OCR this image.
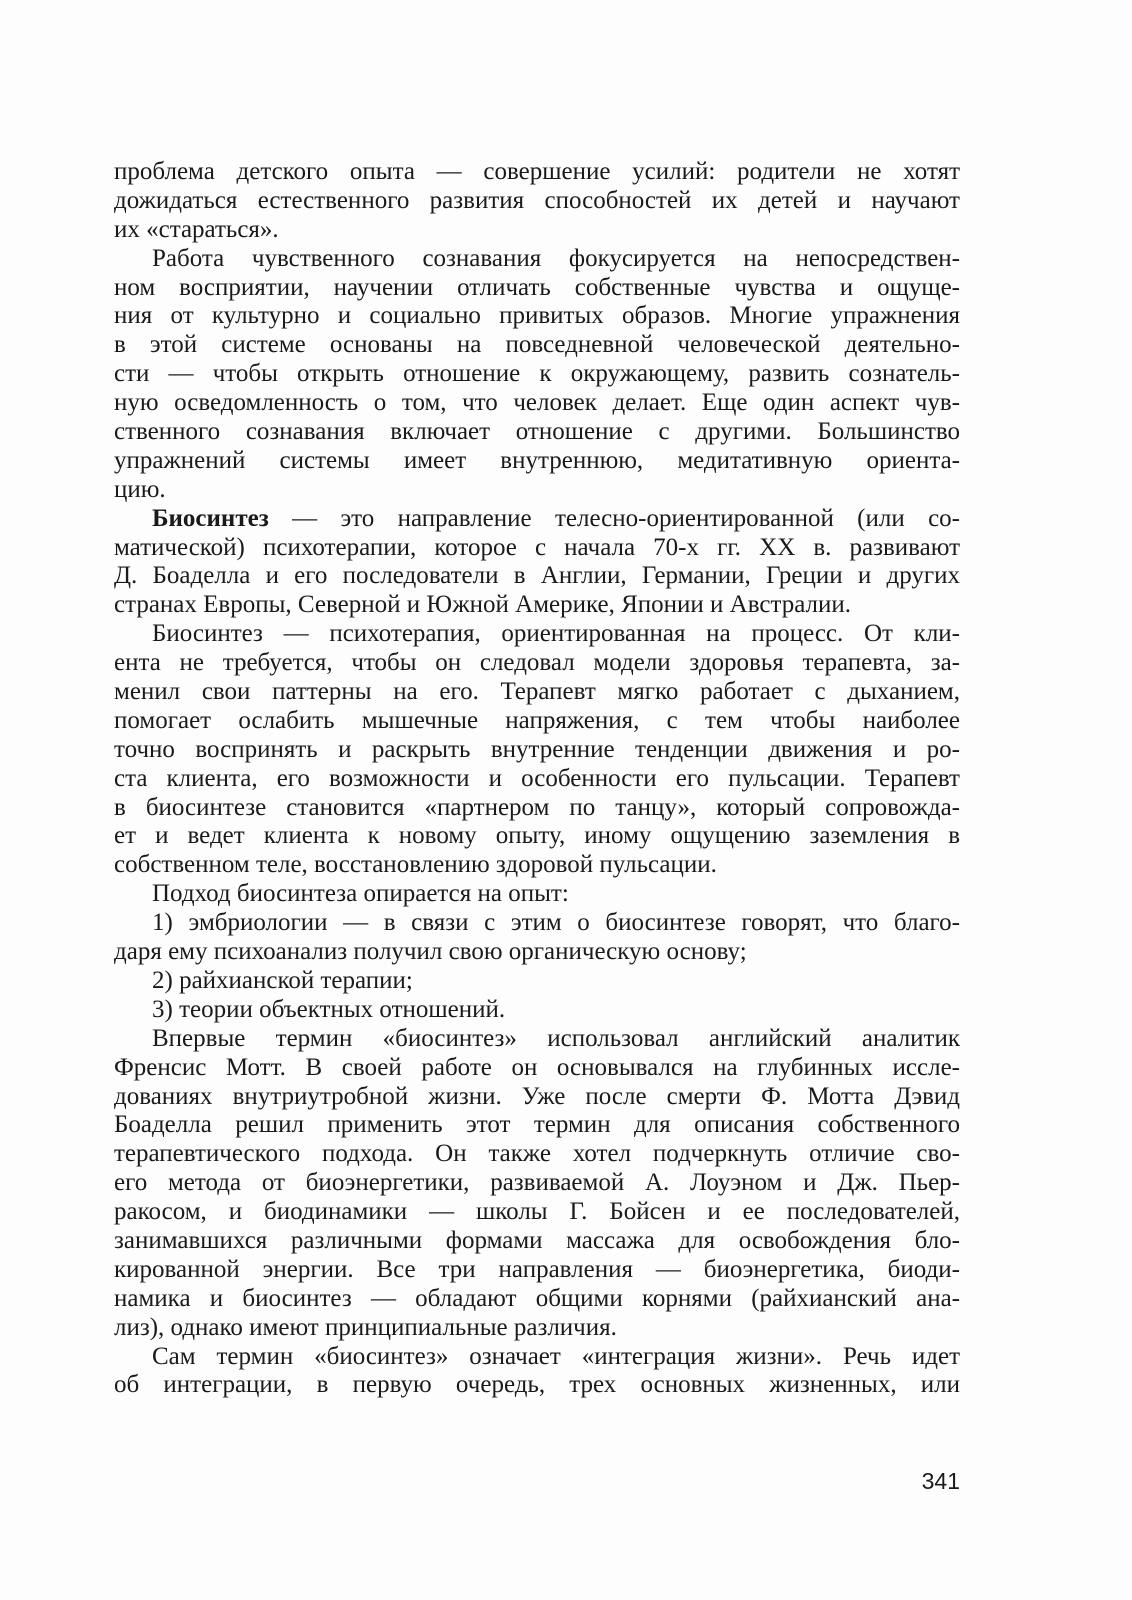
проблема детского опыта — совершение усилий: родители не хотят
дожидаться естественного развития способностей их детей и научают
их «стараться».
Работа чувственного сознавания фокусируется на непосредствен-
ном восприятии, научении отличать собственные чувства и ощуще-
ния от культурно и социально привитых образов. Многие упражнения
в этой системе основаны на повседневной человеческой деятельно-
сти — чтобы открыть отношение к окружающему, развить сознатель-
ную осведомленность о том, что человек делает. Еще один аспект чув-
ственного сознавания включает отношение с другими. Большинство
упражнений системы имеет внутреннюю, медитативную ориента-
цию.
Биосинтез — это направление телесно-ориентированной (или со-
матической) психотерапии, которое с начала 70-х гг. XX в. развивают
Д. Боаделла и его последователи в Англии, Германии, Греции и других
странах Европы, Северной и Южной Америке, Японии и Австралии.
Биосинтез — психотерапия, ориентированная на процесс. От кли-
ента не требуется, чтобы он следовал модели здоровья терапевта, за-
менил свои паттерны на его. Терапевт мягко работает с дыханием,
помогает ослабить мышечные напряжения, с тем чтобы наиболее
точно воспринять и раскрыть внутренние тенденции движения и ро-
ста клиента, его возможности и особенности его пульсации. Терапевт
в биосинтезе становится «партнером по танцу», который сопровожда-
ет и ведет клиента к новому опыту, иному ощущению заземления в
собственном теле, восстановлению здоровой пульсации.
Подход биосинтеза опирается на опыт:
1) эмбриологии — в связи с этим о биосинтезе говорят, что благо-
даря ему психоанализ получил свою органическую основу;
2) райхианской терапии;
3) теории объектных отношений.
Впервые термин «биосинтез» использовал английский аналитик
Френсис Мотт. В своей работе он основывался на глубинных иссле-
дованиях внутриутробной жизни. Уже после смерти Ф. Мотта Дэвид
Боаделла решил применить этот термин для описания собственного
терапевтического подхода. Он также хотел подчеркнуть отличие сво-
его метода от биоэнергетики, развиваемой А. Лоуэном и Дж. Пьер-
ракосом, и биодинамики — школы Г. Бойсен и ее последователей,
занимавшихся различными формами массажа для освобождения бло-
кированной энергии. Все три направления — биоэнергетика, биоди-
намика и биосинтез — обладают общими корнями (райхианский ана-
лиз), однако имеют принципиальные различия.
Сам термин «биосинтез» означает «интеграция жизни». Речь идет
об интеграции, в первую очередь, трех основных жизненных, или
341
